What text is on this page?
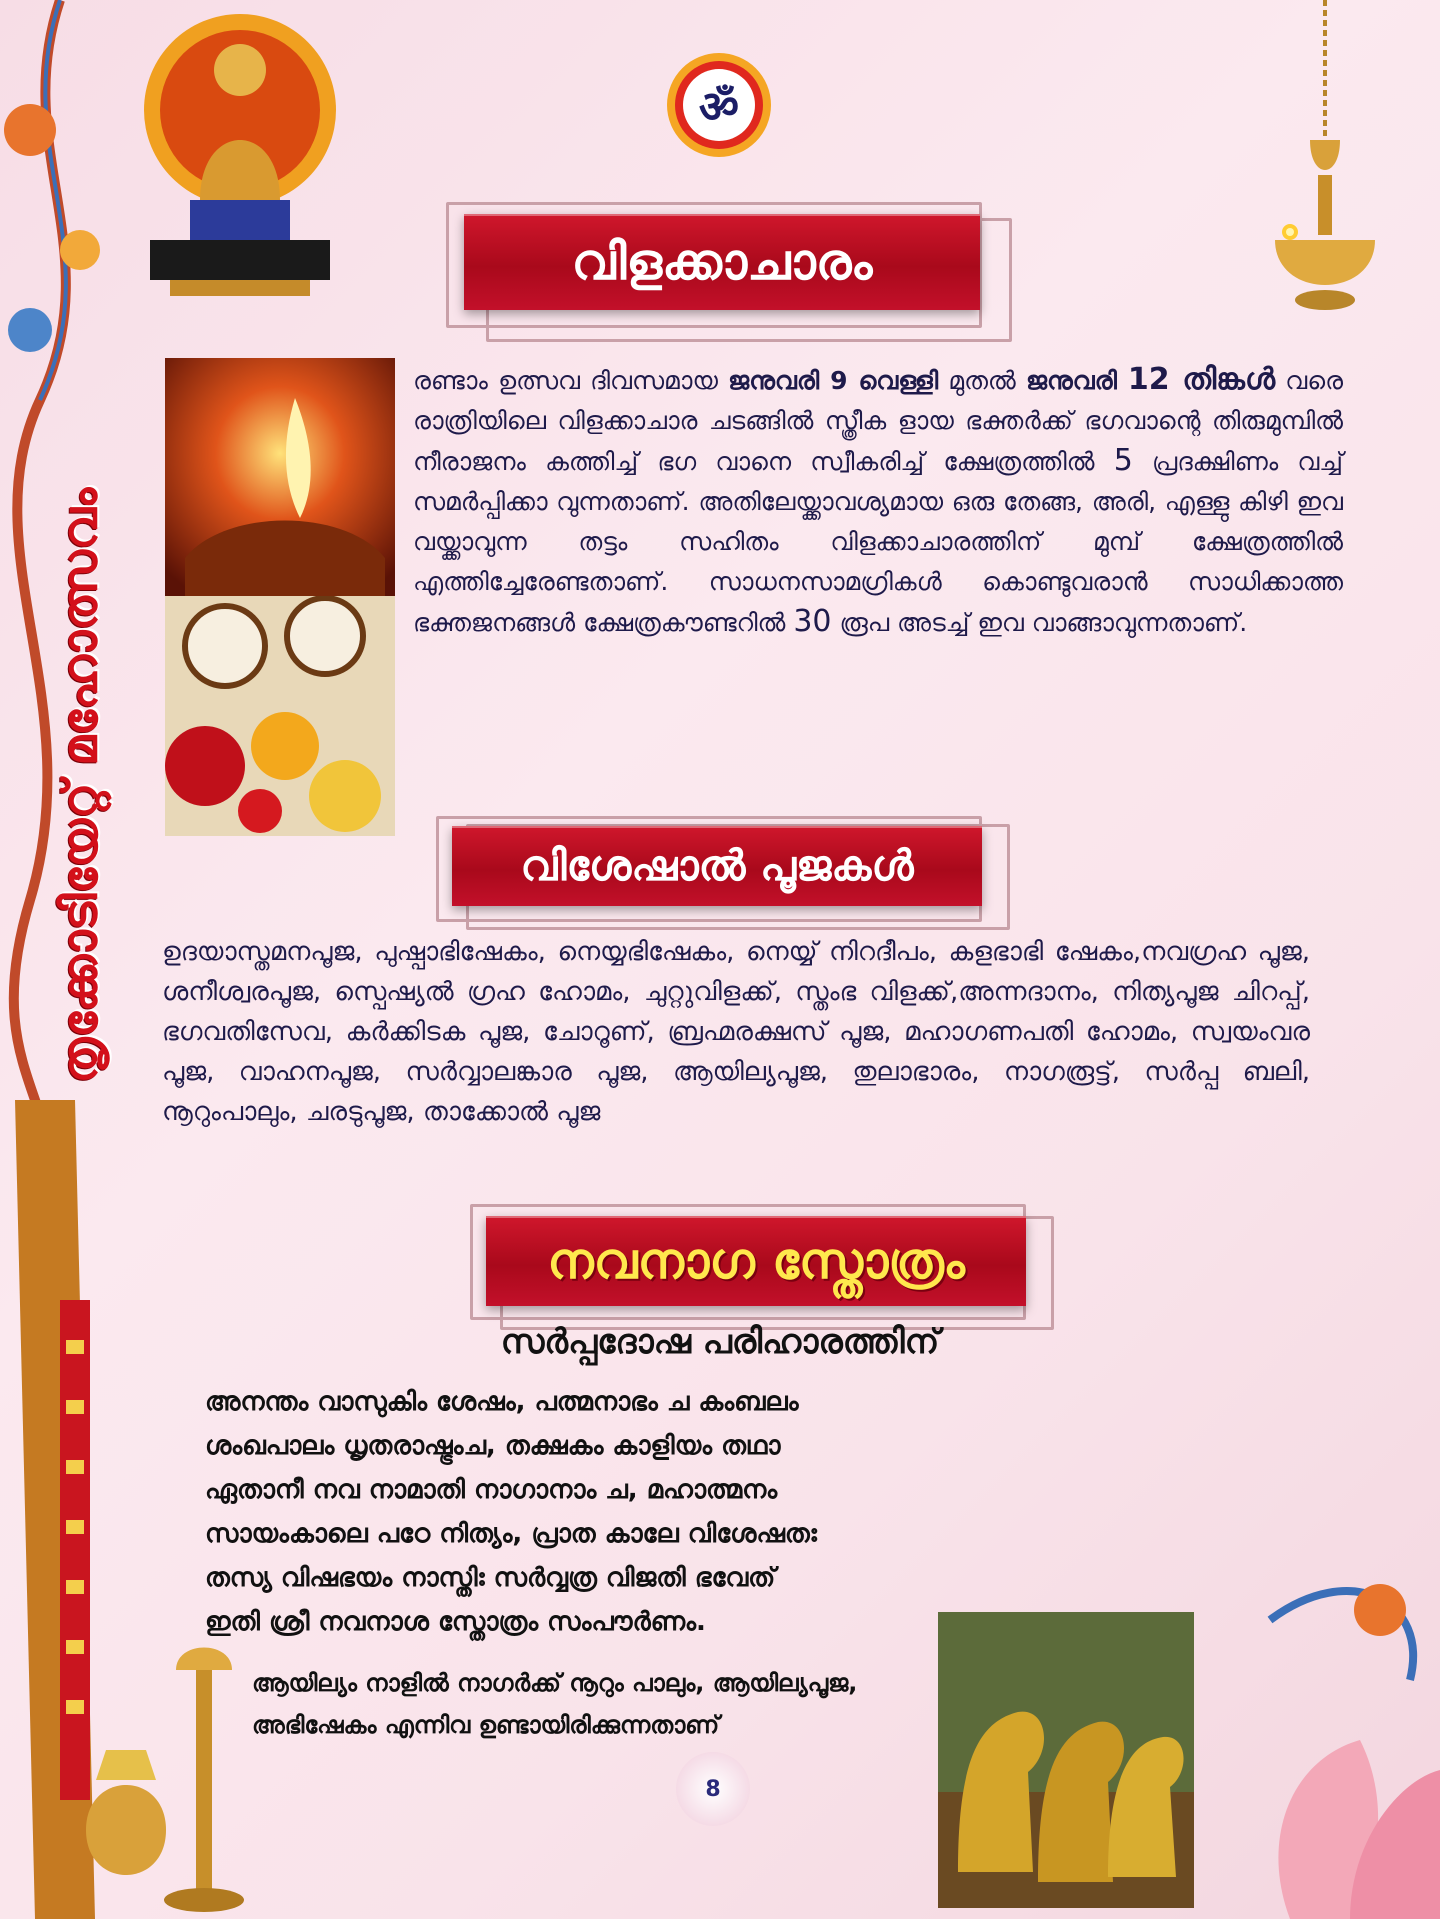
തൃക്കോടിയേറ്റ് മഹോത്സവം
ॐ
വിളക്കാചാരം
രണ്ടാം ഉത്സവ ദിവസമായ ജനുവരി 9 വെള്ളി മുതൽ ജനുവരി 12 തിങ്കൾ വരെ രാത്രിയിലെ വിളക്കാചാര ചടങ്ങിൽ സ്ത്രീക ളായ ഭക്തർക്ക് ഭഗവാന്റെ തിരുമുമ്പിൽ നീരാജനം കത്തിച്ച് ഭഗ വാനെ സ്വീകരിച്ച് ക്ഷേത്രത്തിൽ 5 പ്രദക്ഷിണം വച്ച് സമർപ്പിക്കാ വുന്നതാണ്. അതിലേയ്ക്കാവശ്യമായ ഒരു തേങ്ങ, അരി, എള്ളു കിഴി ഇവ വയ്ക്കാവുന്ന തട്ടം സഹിതം വിളക്കാചാരത്തിന് മുമ്പ് ക്ഷേത്രത്തിൽ എത്തിച്ചേരേണ്ടതാണ്. സാധനസാമഗ്രികൾ കൊണ്ടുവരാൻ സാധിക്കാത്ത ഭക്തജനങ്ങൾ ക്ഷേത്രകൗണ്ടറിൽ 30 രൂപ അടച്ച് ഇവ വാങ്ങാവുന്നതാണ്.
വിശേഷാൽ പൂജകൾ
ഉദയാസ്തമനപൂജ, പുഷ്പാഭിഷേകം, നെയ്യഭിഷേകം, നെയ്യ് നിറദീപം, കളഭാഭി ഷേകം,നവഗ്രഹ പൂജ, ശനീശ്വരപൂജ, സ്പെഷ്യൽ ഗ്രഹ ഹോമം, ചുറ്റുവിളക്ക്, സ്തംഭ വിളക്ക്,അന്നദാനം, നിത്യപൂജ ചിറപ്പ്, ഭഗവതിസേവ, കർക്കിടക പൂജ, ചോറൂണ്, ബ്രഹ്മരക്ഷസ് പൂജ, മഹാഗണപതി ഹോമം, സ്വയംവര പൂജ, വാഹനപൂജ, സർവ്വാലങ്കാര പൂജ, ആയില്യപൂജ, തുലാഭാരം, നാഗരൂട്ട്, സർപ്പ ബലി, നൂറുംപാലും, ചരടുപൂജ, താക്കോൽ പൂജ
നവനാഗ സ്തോത്രം
സർപ്പദോഷ പരിഹാരത്തിന്
അനന്തം വാസുകിം ശേഷം, പത്മനാഭം ച കംബലം
ശംഖപാലം ധൃതരാഷ്ട്രംച, തക്ഷകം കാളിയം തഥാ
ഏതാനീ നവ നാമാതി നാഗാനാം ച, മഹാത്മനം
സായംകാലെ പഠേ നിത്യം, പ്രാത കാലേ വിശേഷതഃ
തസ്യ വിഷഭയം നാസ്തിഃ സർവ്വത്ര വിജതി ഭവേത്
ഇതി ശ്രീ നവനാശ സ്തോത്രം സംപൗർണം.
ആയില്യം നാളിൽ നാഗർക്ക് നൂറും പാലും, ആയില്യപൂജ,
അഭിഷേകം എന്നിവ ഉണ്ടായിരിക്കുന്നതാണ്
8
